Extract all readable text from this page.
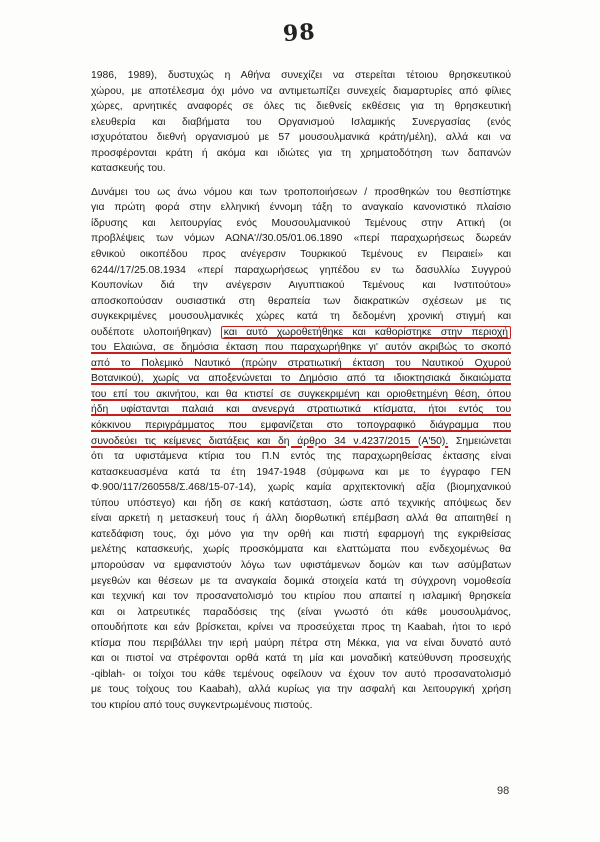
98

1986, 1989), δυστυχώς η Αθήνα συνεχίζει να στερείται τέτοιου θρησκευτικού
χώρου, με αποτέλεσμα όχι μόνο να αντιμετωπίζει συνεχείς διαμαρτυρίες από φίλιες
χώρες, αρνητικές αναφορές σε όλες τις διεθνείς εκθέσεις για τη θρησκευτική
ελευθερία και διαβήματα του Οργανισμού Ισλαμικής Συνεργασίας (ενός
ισχυρότατου διεθνή οργανισμού με 57 μουσουλμανικά κράτη/μέλη), αλλά και να
προσφέρονται κράτη ή ακόμα και ιδιώτες για τη χρηματοδότηση των δαπανών

κατασκευής του.

Δυνάμει του ως άνω νόμου και των τροποποιήσεων / προσθηκών του θεσπίστηκε
για πρώτη φορά στην ελληνική έννομη τάξη το αναγκαίο κανονιστικό πλαίσιο
ίδρυσης και λειτουργίας ενός Μουσουλμανικού Τεμένους στην Αττική (οι
προβλέψεις των νόμων ΑΩΝΑ'//30.05/01.06.1890 «περί παραχωρήσεως δωρεάν
εθνικού οικοπέδου προς ανέγερσιν Τουρκικού Τεμένους εν Πειραιεί» και
6244//17/25.08.1934 «περί παραχωρήσεως γηπέδου εν τω δασυλλίω Συγγρού
Κουπονίων διά την ανέγερσιν Αιγυπτιακού Τεμένους και Ινστιτούτου»
αποσκοπούσαν ουσιαστικά στη θεραπεία των διακρατικών σχέσεων με τις
συγκεκριμένες μουσουλμανικές χώρες κατά τη δεδομένη χρονική στιγμή και
ουδέποτε υλοποιήθηκαν) και αυτό χωροθετήθηκε και καθορίστηκε στην περιοχή
του Ελαιώνα, σε δημόσια έκταση που παραχωρήθηκε γι' αυτόν ακριβώς το σκοπό
από το Πολεμικό Ναυτικό (πρώην στρατιωτική έκταση του Ναυτικού Οχυρού
Βοτανικού), χωρίς να αποξενώνεται το Δημόσιο από τα ιδιοκτησιακά δικαιώματα
του επί του ακινήτου, και θα κτιστεί σε συγκεκριμένη και οριοθετημένη θέση, όπου
ήδη υφίστανται παλαιά και ανενεργά στρατιωτικά κτίσματα, ήτοι εντός του
κόκκινου περιγράμματος που εμφανίζεται στο τοπογραφικό διάγραμμα που
συνοδεύει τις κείμενες διατάξεις και δη άρθρο 34 ν.4237/2015 (Α'50). Σημειώνεται
ότι τα υφιστάμενα κτίρια του Π.Ν εντός της παραχωρηθείσας έκτασης είναι
κατασκευασμένα κατά τα έτη 1947-1948 (σύμφωνα και με το έγγραφο ΓΕΝ
Φ.900/117/260558/Σ.468/15-07-14), χωρίς καμία αρχιτεκτονική αξία (βιομηχανικού
τύπου υπόστεγο) και ήδη σε κακή κατάσταση, ώστε από τεχνικής απόψεως δεν
είναι αρκετή η μετασκευή τους ή άλλη διορθωτική επέμβαση αλλά θα απαιτηθεί η
κατεδάφιση τους, όχι μόνο για την ορθή και πιστή εφαρμογή της εγκριθείσας
μελέτης κατασκευής, χωρίς προσκόμματα και ελαττώματα που ενδεχομένως θα
μπορούσαν να εμφανιστούν λόγω των υφιστάμενων δομών και των ασύμβατων
μεγεθών και θέσεων με τα αναγκαία δομικά στοιχεία κατά τη σύγχρονη νομοθεσία
και τεχνική και τον προσανατολισμό του κτιρίου που απαιτεί η ισλαμική θρησκεία
και οι λατρευτικές παραδόσεις της (είναι γνωστό ότι κάθε μουσουλμάνος,
οπουδήποτε και εάν βρίσκεται, κρίνει να προσεύχεται προς τη Kaabah, ήτοι το ιερό
κτίσμα που περιβάλλει την ιερή μαύρη πέτρα στη Μέκκα, για να είναι δυνατό αυτό
και οι πιστοί να στρέφονται ορθά κατά τη μία και μοναδική κατεύθυνση προσευχής
-qiblah- οι τοίχοι του κάθε τεμένους οφείλουν να έχουν τον αυτό προσανατολισμό
με τους τοίχους του Kaabah), αλλά κυρίως για την ασφαλή και λειτουργική χρήση

του κτιρίου από τους συγκεντρωμένους πιστούς.

98
